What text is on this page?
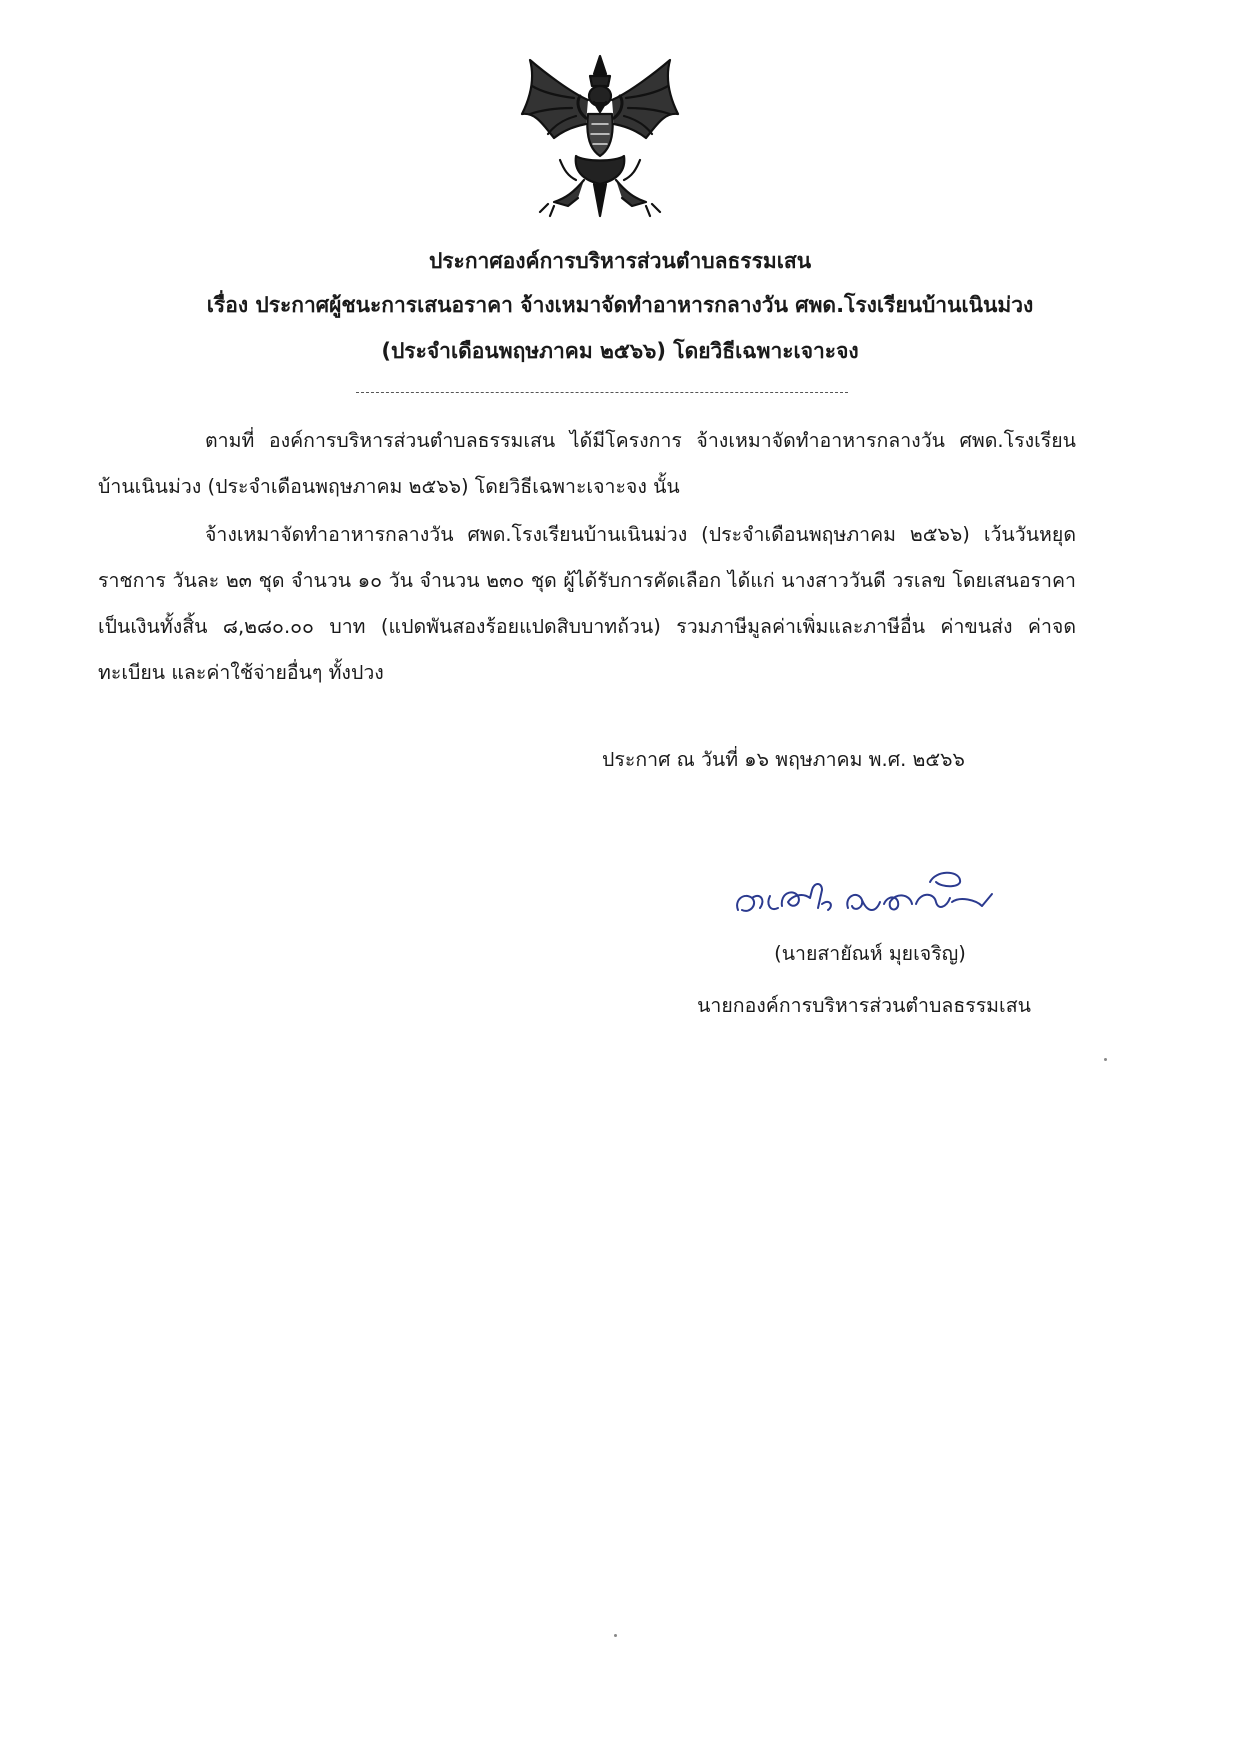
ประกาศองค์การบริหารส่วนตำบลธรรมเสน
เรื่อง ประกาศผู้ชนะการเสนอราคา จ้างเหมาจัดทำอาหารกลางวัน ศพด.โรงเรียนบ้านเนินม่วง
(ประจำเดือนพฤษภาคม ๒๕๖๖) โดยวิธีเฉพาะเจาะจง
ตามที่ องค์การบริหารส่วนตำบลธรรมเสน ได้มีโครงการ จ้างเหมาจัดทำอาหารกลางวัน ศพด.โรงเรียนบ้านเนินม่วง (ประจำเดือนพฤษภาคม ๒๕๖๖) โดยวิธีเฉพาะเจาะจง นั้น
จ้างเหมาจัดทำอาหารกลางวัน ศพด.โรงเรียนบ้านเนินม่วง (ประจำเดือนพฤษภาคม ๒๕๖๖) เว้นวันหยุดราชการ วันละ ๒๓ ชุด จำนวน ๑๐ วัน จำนวน ๒๓๐ ชุด ผู้ได้รับการคัดเลือก ได้แก่ นางสาววันดี วรเลข โดยเสนอราคา เป็นเงินทั้งสิ้น ๘,๒๘๐.๐๐ บาท (แปดพันสองร้อยแปดสิบบาทถ้วน) รวมภาษีมูลค่าเพิ่มและภาษีอื่น ค่าขนส่ง ค่าจดทะเบียน และค่าใช้จ่ายอื่นๆ ทั้งปวง
ประกาศ ณ วันที่ ๑๖ พฤษภาคม พ.ศ. ๒๕๖๖
(นายสายัณห์ มุยเจริญ)
นายกองค์การบริหารส่วนตำบลธรรมเสน
